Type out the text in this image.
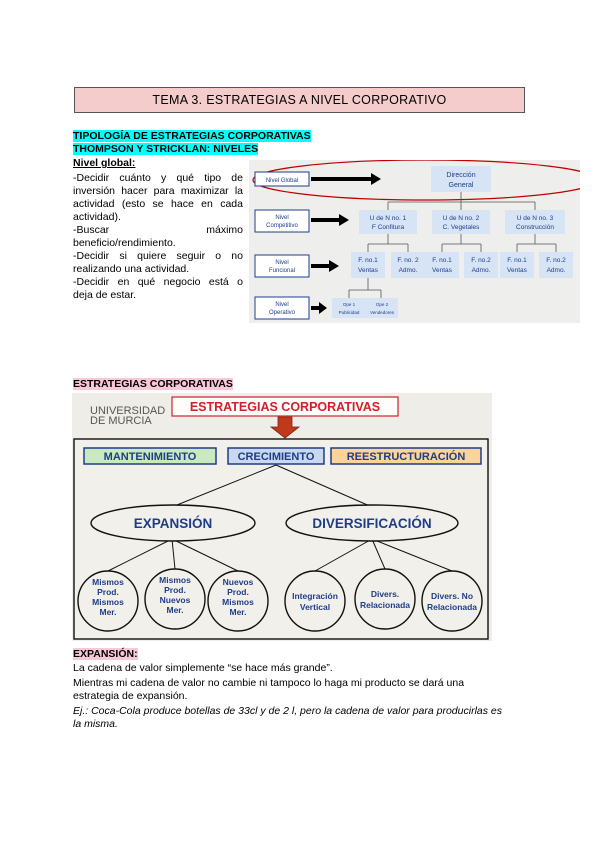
TEMA 3. ESTRATEGIAS A NIVEL CORPORATIVO
TIPOLOGÍA DE ESTRATEGIAS CORPORATIVAS
THOMPSON Y STRICKLAN: NIVELES
Nivel global:
-Decidir cuánto y qué tipo de
inversión hacer para maximizar la
actividad (esto se hace en cada
actividad).
-Buscar máximo
beneficio/rendimiento.
-Decidir si quiere seguir o no
realizando una actividad.
-Decidir en qué negocio está o
deja de estar.
Nivel Global
Nivel
Competitivo
Nivel
Funcional
Nivel
Operativo
Dirección
General
U de N no. 1
F Confitura
U de N no. 2
C. Vegetales
U de N no. 3
Construcción
F. no.1
Ventas
F. no. 2
Admo.
F. no.1
Ventas
F. no.2
Admo.
F. no.1
Ventas
F. no.2
Admo.
Ope 1
Publicidad
Ope 2
Vendedores
ESTRATEGIAS CORPORATIVAS
UNIVERSIDAD
DE MURCIA
ESTRATEGIAS CORPORATIVAS
MANTENIMIENTO	CRECIMIENTO	REESTRUCTURACIÓN
EXPANSIÓN	DIVERSIFICACIÓN
Mismos
Prod.
Mismos
Mer.
Mismos
Prod.
Nuevos
Mer.
Nuevos
Prod.
Mismos
Mer.
Integración
Vertical
Divers.
Relacionada
Divers. No
Relacionada
EXPANSIÓN:
La cadena de valor simplemente “se hace más grande”.
Mientras mi cadena de valor no cambie ni tampoco lo haga mi producto se dará una
estrategia de expansión.
Ej.: Coca-Cola produce botellas de 33cl y de 2 l, pero la cadena de valor para producirlas es
la misma.
